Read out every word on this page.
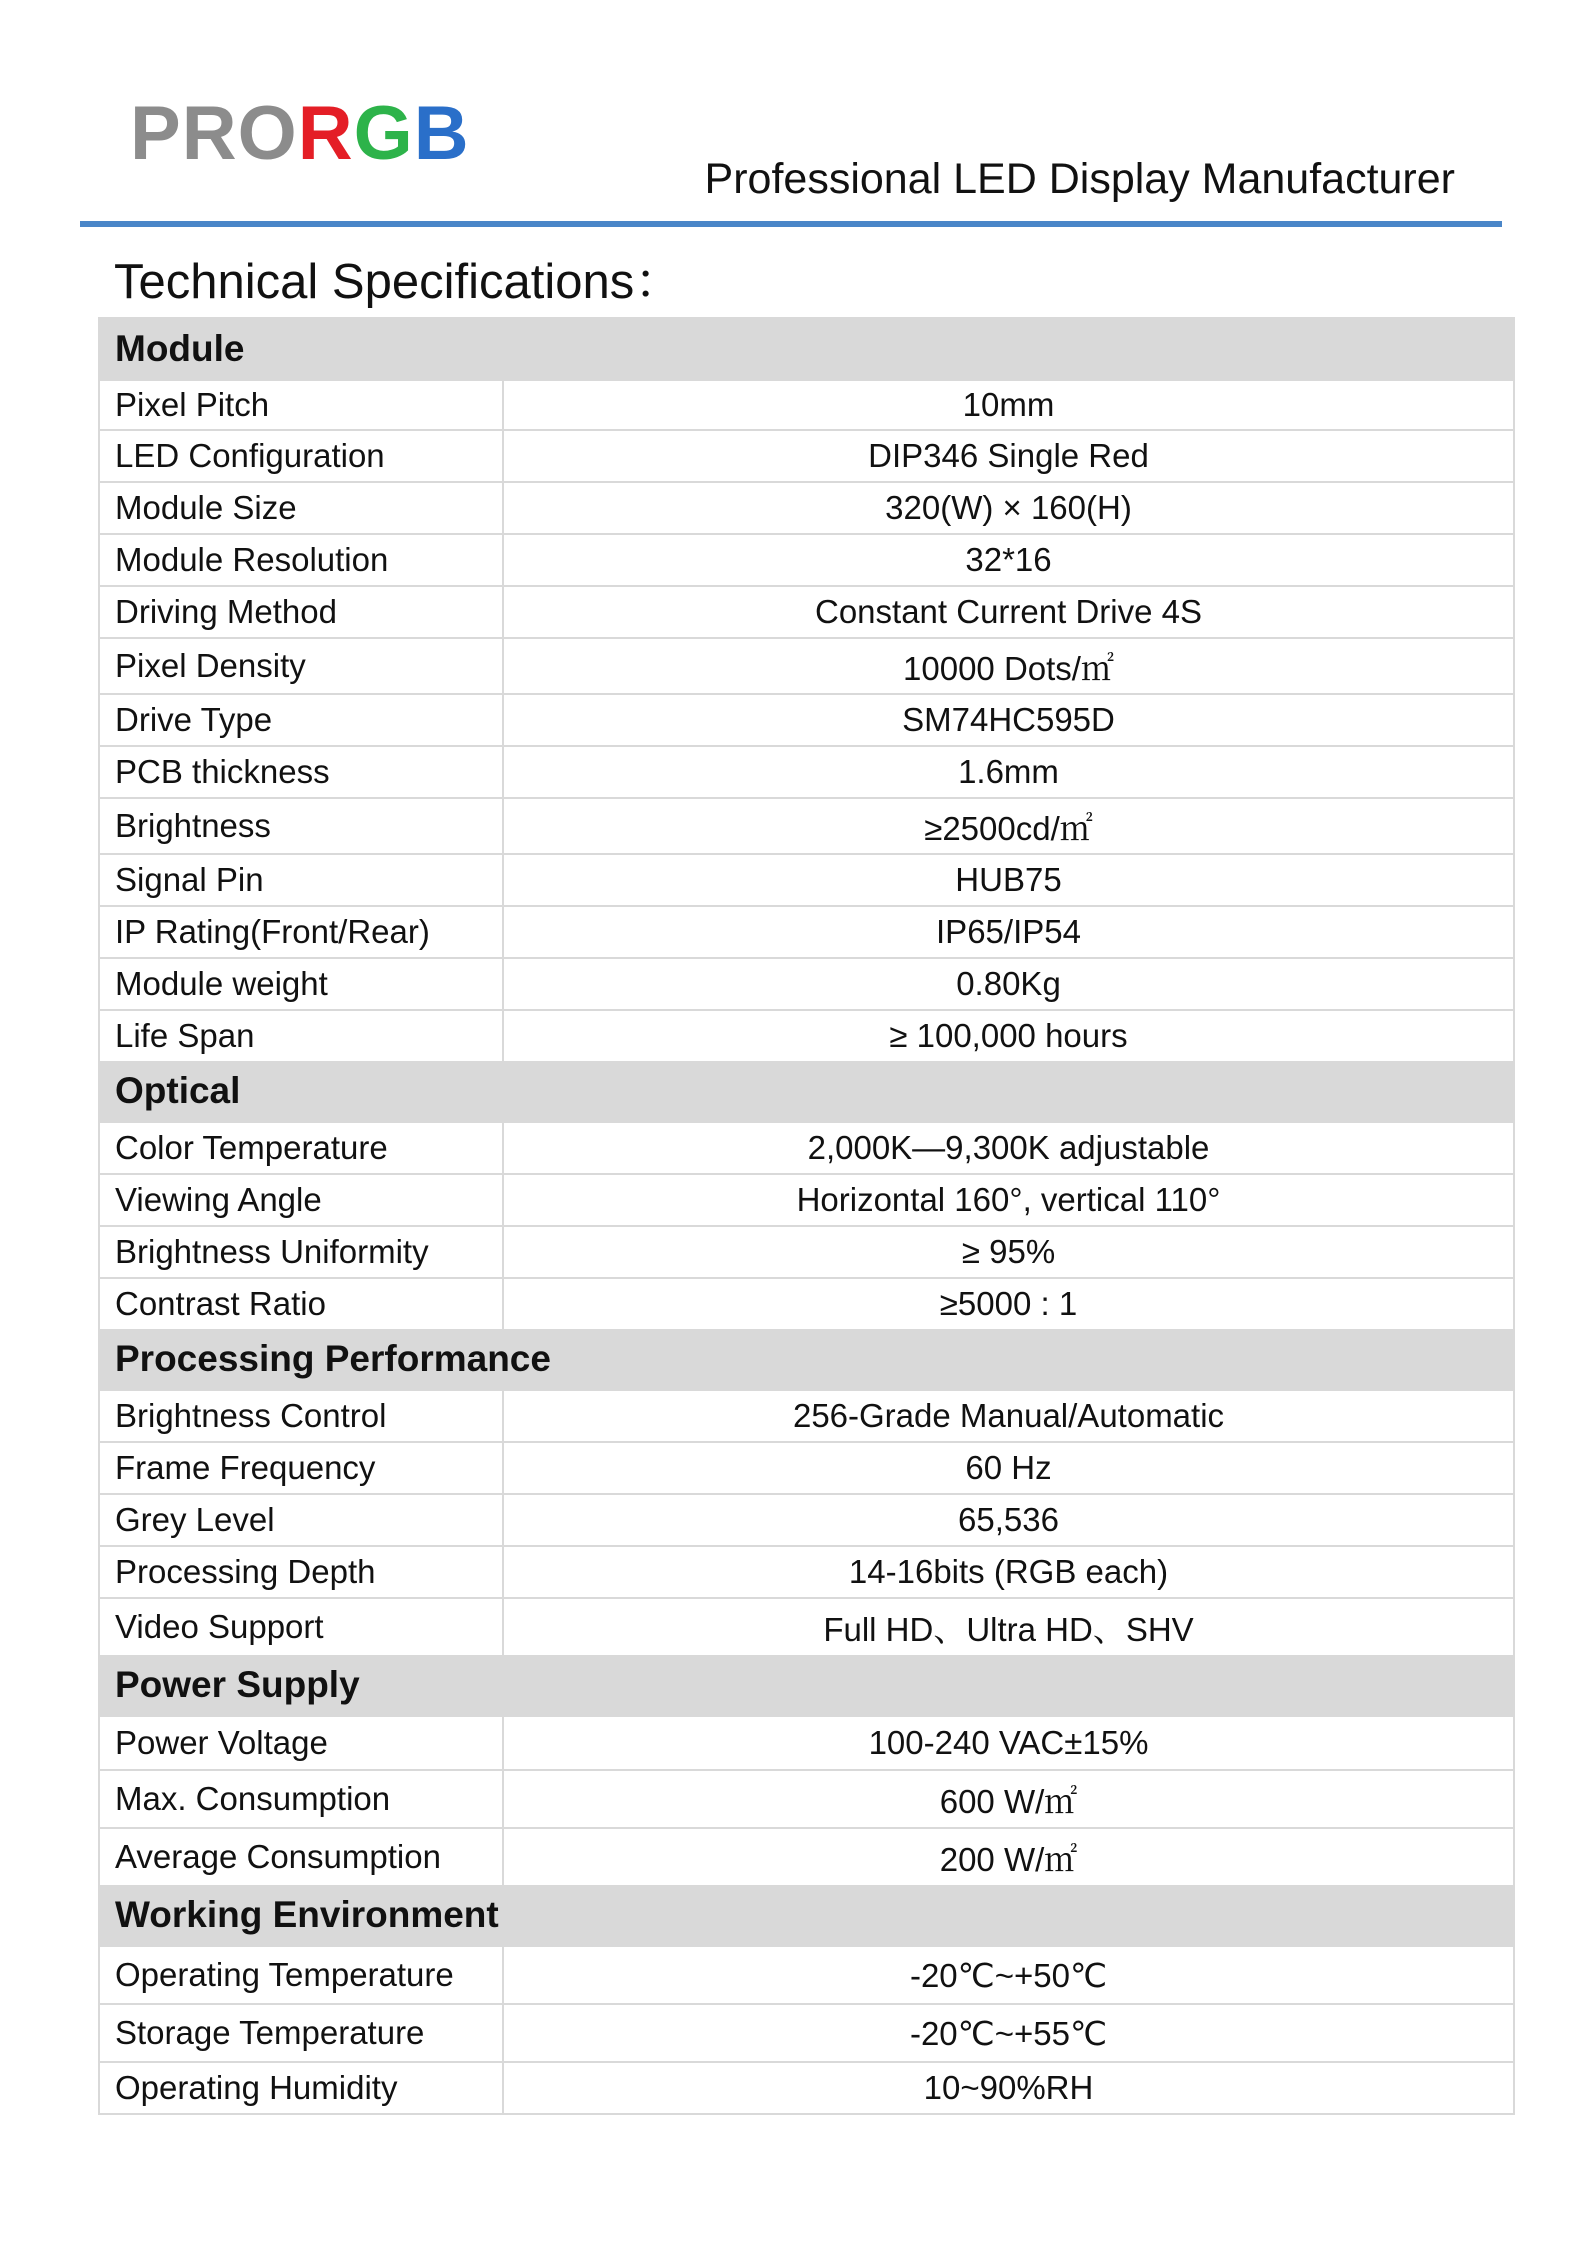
PRORGB
Professional LED Display Manufacturer
Technical Specifications：
Module
Pixel Pitch	10mm
LED Configuration	DIP346 Single Red
Module Size	320(W) × 160(H)
Module Resolution	32*16
Driving Method	Constant Current Drive 4S
Pixel Density	10000 Dots/㎡
Drive Type	SM74HC595D
PCB thickness	1.6mm
Brightness	≥2500cd/㎡
Signal Pin	HUB75
IP Rating(Front/Rear)	IP65/IP54
Module weight	0.80Kg
Life Span	≥ 100,000 hours
Optical
Color Temperature	2,000K—9,300K adjustable
Viewing Angle	Horizontal 160°, vertical 110°
Brightness Uniformity	≥ 95%
Contrast Ratio	≥5000 : 1
Processing Performance
Brightness Control	256-Grade Manual/Automatic
Frame Frequency	60 Hz
Grey Level	65,536
Processing Depth	14-16bits (RGB each)
Video Support	Full HD、Ultra HD、SHV
Power Supply
Power Voltage	100-240 VAC±15%
Max. Consumption	600 W/㎡
Average Consumption	200 W/㎡
Working Environment
Operating Temperature	-20℃~+50℃
Storage Temperature	-20℃~+55℃
Operating Humidity	10~90%RH
